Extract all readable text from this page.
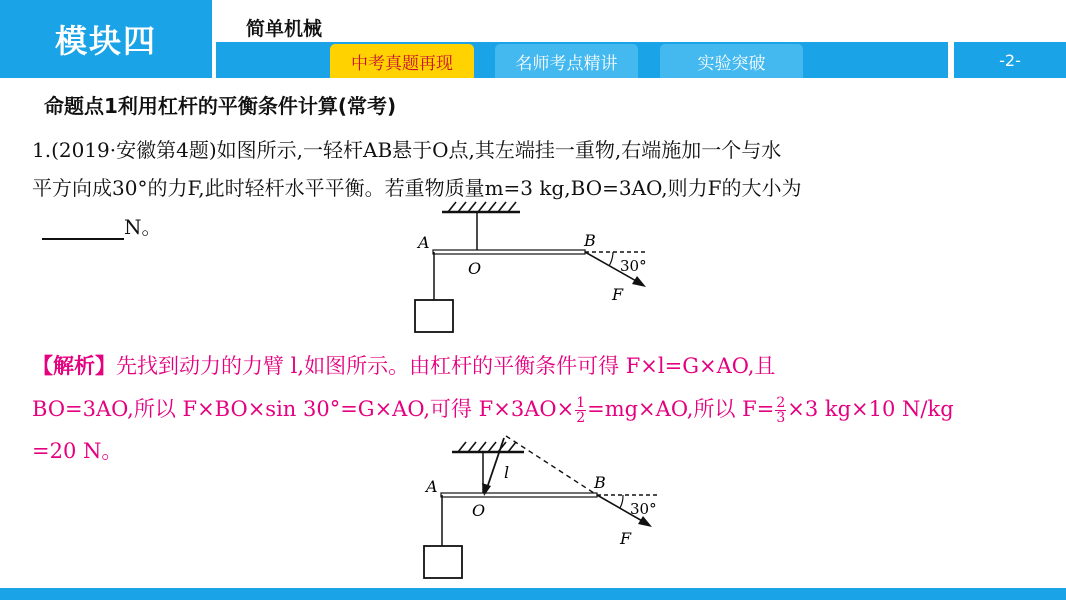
模块四	简单机械
中考真题再现	名师考点精讲	实验突破	-2-
命题点1利用杠杆的平衡条件计算(常考)
1.(2019·安徽第4题)如图所示,一轻杆AB悬于O点,其左端挂一重物,右端施加一个与水
平方向成30°的力F,此时轻杆水平平衡。若重物质量m=3 kg,BO=3AO,则力F的大小为
N。
A	B
O
F
30°
【解析】先找到动力的力臂 l,如图所示。由杠杆的平衡条件可得 F×l=G×AO,且
BO=3AO,所以 F×BO×sin 30°=G×AO,可得 $F\times 3AO\times \frac{1}{2} =mg\times AO$,所以 $F= \frac{2}{3} \times 3$ kg×10 N/kg
=20 N。
A	B
O
l
F
30°
